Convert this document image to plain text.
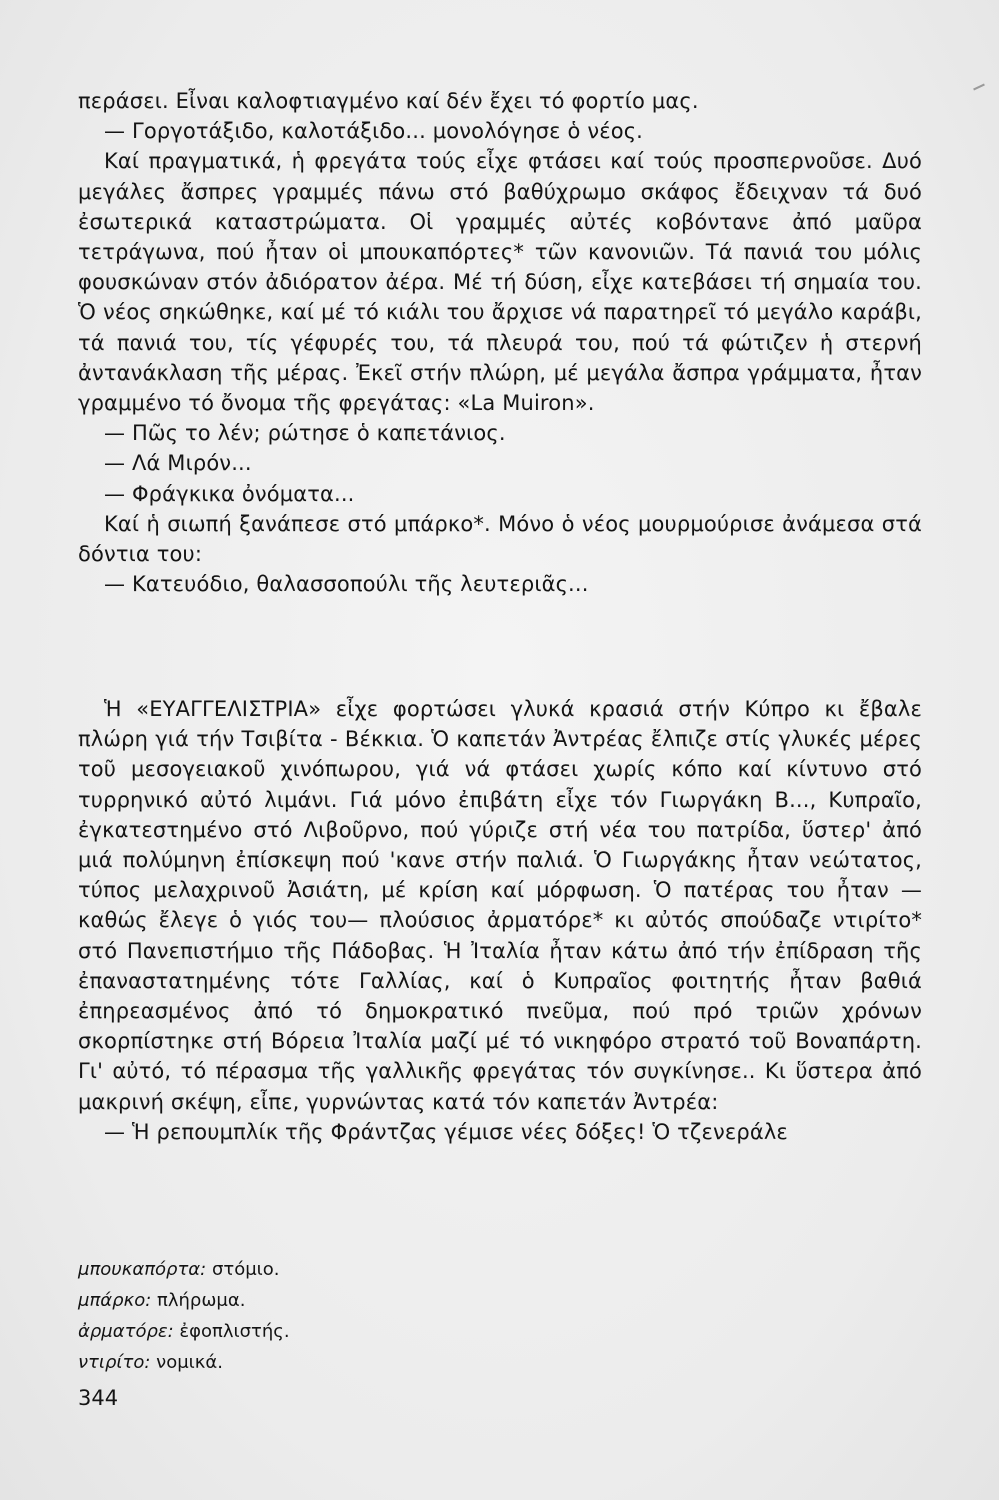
περάσει. Εἶναι καλοφτιαγμένο καί δέν ἔχει τό φορτίο μας.

— Γοργοτάξιδο, καλοτάξιδο... μονολόγησε ὁ νέος.

Καί πραγματικά, ἡ φρεγάτα τούς εἶχε φτάσει καί τούς προσπερνοῦσε. Δυό μεγάλες ἄσπρες γραμμές πάνω στό βαθύχρωμο σκάφος ἔδειχναν τά δυό ἐσωτερικά καταστρώματα. Οἱ γραμμές αὐτές κοβόντανε ἀπό μαῦρα τετράγωνα, πού ἦταν οἱ μπουκαπόρτες* τῶν κανονιῶν. Τά πανιά του μόλις φουσκώναν στόν ἀδιόρατον ἀέρα. Μέ τή δύση, εἶχε κατεβάσει τή σημαία του. Ὁ νέος σηκώθηκε, καί μέ τό κιάλι του ἄρχισε νά παρατηρεῖ τό μεγάλο καράβι, τά πανιά του, τίς γέφυρές του, τά πλευρά του, πού τά φώτιζεν ἡ στερνή ἀντανάκλαση τῆς μέρας. Ἐκεῖ στήν πλώρη, μέ μεγάλα ἄσπρα γράμματα, ἦταν γραμμένο τό ὄνομα τῆς φρεγάτας: «La Muiron».

— Πῶς το λέν; ρώτησε ὁ καπετάνιος.

— Λά Μιρόν...

— Φράγκικα ὀνόματα...

Καί ἡ σιωπή ξανάπεσε στό μπάρκο*. Μόνο ὁ νέος μουρμούρισε ἀνάμεσα στά δόντια του:

— Κατευόδιο, θαλασσοπούλι τῆς λευτεριᾶς...

Ἡ «ΕΥΑΓΓΕΛΙΣΤΡΙΑ» εἶχε φορτώσει γλυκά κρασιά στήν Κύπρο κι ἔβαλε πλώρη γιά τήν Τσιβίτα - Βέκκια. Ὁ καπετάν Ἀντρέας ἔλπιζε στίς γλυκές μέρες τοῦ μεσογειακοῦ χινόπωρου, γιά νά φτάσει χωρίς κόπο καί κίντυνο στό τυρρηνικό αὐτό λιμάνι. Γιά μόνο ἐπιβάτη εἶχε τόν Γιωργάκη Β..., Κυπραῖο, ἐγκατεστημένο στό Λιβοῦρνο, πού γύριζε στή νέα του πατρίδα, ὕστερ' ἀπό μιά πολύμηνη ἐπίσκεψη πού 'κανε στήν παλιά. Ὁ Γιωργάκης ἦταν νεώτατος, τύπος μελαχρινοῦ Ἀσιάτη, μέ κρίση καί μόρφωση. Ὁ πατέρας του ἦταν —καθώς ἔλεγε ὁ γιός του— πλούσιος ἀρματόρε* κι αὐτός σπούδαζε ντιρίτο* στό Πανεπιστήμιο τῆς Πάδοβας. Ἡ Ἰταλία ἦταν κάτω ἀπό τήν ἐπίδραση τῆς ἐπαναστατημένης τότε Γαλλίας, καί ὁ Κυπραῖος φοιτητής ἦταν βαθιά ἐπηρεασμένος ἀπό τό δημοκρατικό πνεῦμα, πού πρό τριῶν χρόνων σκορπίστηκε στή Βόρεια Ἰταλία μαζί μέ τό νικηφόρο στρατό τοῦ Βοναπάρτη. Γι' αὐτό, τό πέρασμα τῆς γαλλικῆς φρεγάτας τόν συγκίνησε.. Κι ὕστερα ἀπό μακρινή σκέψη, εἶπε, γυρνώντας κατά τόν καπετάν Ἀντρέα:

— Ἡ ρεπουμπλίκ τῆς Φράντζας γέμισε νέες δόξες! Ὁ τζενεράλε

μπουκαπόρτα: στόμιο.
μπάρκο: πλήρωμα.
ἀρματόρε: ἐφοπλιστής.
ντιρίτο: νομικά.
344
